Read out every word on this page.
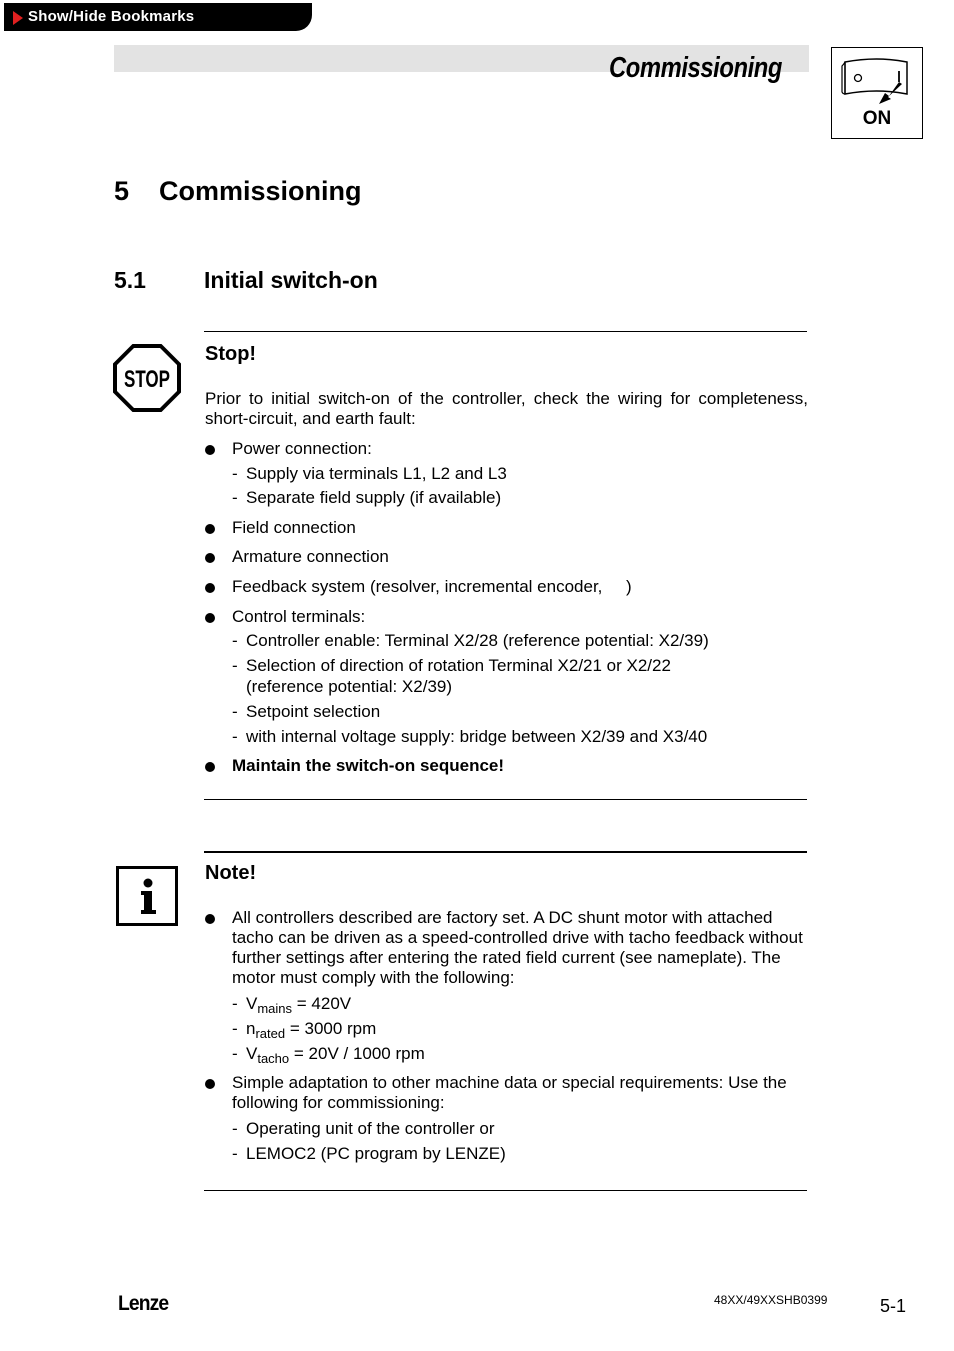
Show/Hide Bookmarks
Commissioning
ON
5 Commissioning
5.1	Initial switch-on
STOP
Stop!
Prior to initial switch-on of the controller, check the wiring for completeness, short-circuit, and earth fault:
Power connection:
- Supply via terminals L1, L2 and L3
- Separate field supply (if available)
Field connection
Armature connection
Feedback system (resolver, incremental encoder,     )
Control terminals:
- Controller enable: Terminal X2/28 (reference potential: X2/39)
- Selection of direction of rotation Terminal X2/21 or X2/22
(reference potential: X2/39)
- Setpoint selection
- with internal voltage supply: bridge between X2/39 and X3/40
Maintain the switch-on sequence!
Note!
All controllers described are factory set. A DC shunt motor with attached tacho can be driven as a speed-controlled drive with tacho feedback without further settings after entering the rated field current (see nameplate). The motor must comply with the following:
- $V_{mains} = 420V$
- $n_{rated} = 3000$ rpm
- $V_{tacho} = 20V / 1000$ rpm
Simple adaptation to other machine data or special requirements: Use the following for commissioning:
- Operating unit of the controller or
- LEMOC2 (PC program by LENZE)
Lenze	48XX/49XXSHB0399	5-1
